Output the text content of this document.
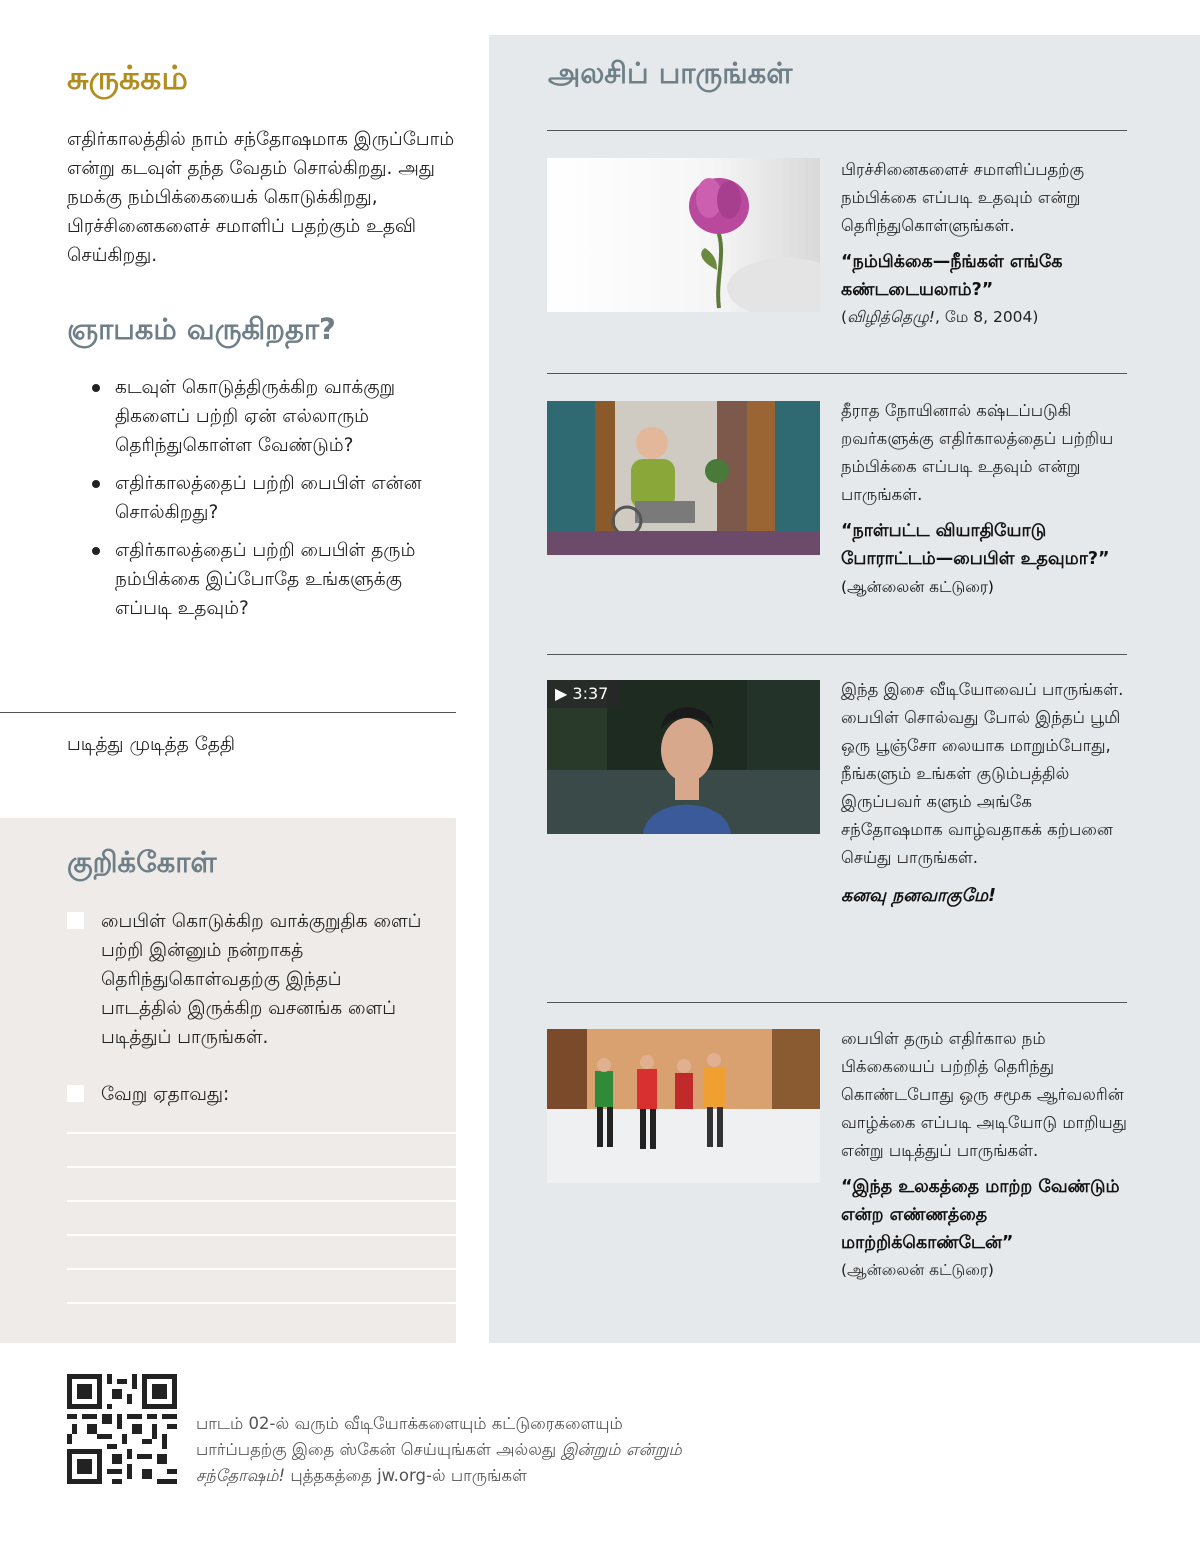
சுருக்கம்

எதிர்காலத்தில் நாம் சந்தோஷமாக இருப்போம் என்று கடவுள் தந்த வேதம் சொல்கிறது. அது நமக்கு நம்பிக்கையைக் கொடுக்கிறது, பிரச்சினைகளைச் சமாளிப் பதற்கும் உதவி செய்கிறது.

ஞாபகம் வருகிறதா?
கடவுள் கொடுத்திருக்கிற வாக்குறு திகளைப் பற்றி ஏன் எல்லாரும் தெரிந்துகொள்ள வேண்டும்?
எதிர்காலத்தைப் பற்றி பைபிள் என்ன சொல்கிறது?
எதிர்காலத்தைப் பற்றி பைபிள் தரும் நம்பிக்கை இப்போதே உங்களுக்கு எப்படி உதவும்?
படித்து முடித்த தேதி
குறிக்கோள்

பைபிள் கொடுக்கிற வாக்குறுதிக ளைப் பற்றி இன்னும் நன்றாகத் தெரிந்துகொள்வதற்கு இந்தப் பாடத்தில் இருக்கிற வசனங்க ளைப் படித்துப் பாருங்கள்.

வேறு ஏதாவது:

அலசிப் பாருங்கள்

பிரச்சினைகளைச் சமாளிப்பதற்கு நம்பிக்கை எப்படி உதவும் என்று தெரிந்துகொள்ளுங்கள்.

“நம்பிக்கை—நீங்கள் எங்கே கண்டடையலாம்?”

(விழித்தெழு!, மே 8, 2004)

தீராத நோயினால் கஷ்டப்படுகி றவர்களுக்கு எதிர்காலத்தைப் பற்றிய நம்பிக்கை எப்படி உதவும் என்று பாருங்கள்.

“நாள்பட்ட வியாதியோடு போராட்டம்—பைபிள் உதவுமா?” (ஆன்லைன் கட்டுரை)

▶ 3:37	இந்த இசை வீடியோவைப் பாருங்கள். பைபிள் சொல்வது போல் இந்தப் பூமி ஒரு பூஞ்சோ லையாக மாறும்போது, நீங்களும் உங்கள் குடும்பத்தில் இருப்பவர் களும் அங்கே சந்தோஷமாக வாழ்வதாகக் கற்பனை செய்து பாருங்கள்.

கனவு நனவாகுமே!

பைபிள் தரும் எதிர்கால நம் பிக்கையைப் பற்றித் தெரிந்து கொண்டபோது ஒரு சமூக ஆர்வலரின் வாழ்க்கை எப்படி அடியோடு மாறியது என்று படித்துப் பாருங்கள்.

“இந்த உலகத்தை மாற்ற வேண்டும் என்ற எண்ணத்தை மாற்றிக்கொண்டேன்”

(ஆன்லைன் கட்டுரை)

பாடம் 02-ல் வரும் வீடியோக்களையும் கட்டுரைகளையும் பார்ப்பதற்கு இதை ஸ்கேன் செய்யுங்கள் அல்லது இன்றும் என்றும் சந்தோஷம்! புத்தகத்தை jw.org-ல் பாருங்கள்
